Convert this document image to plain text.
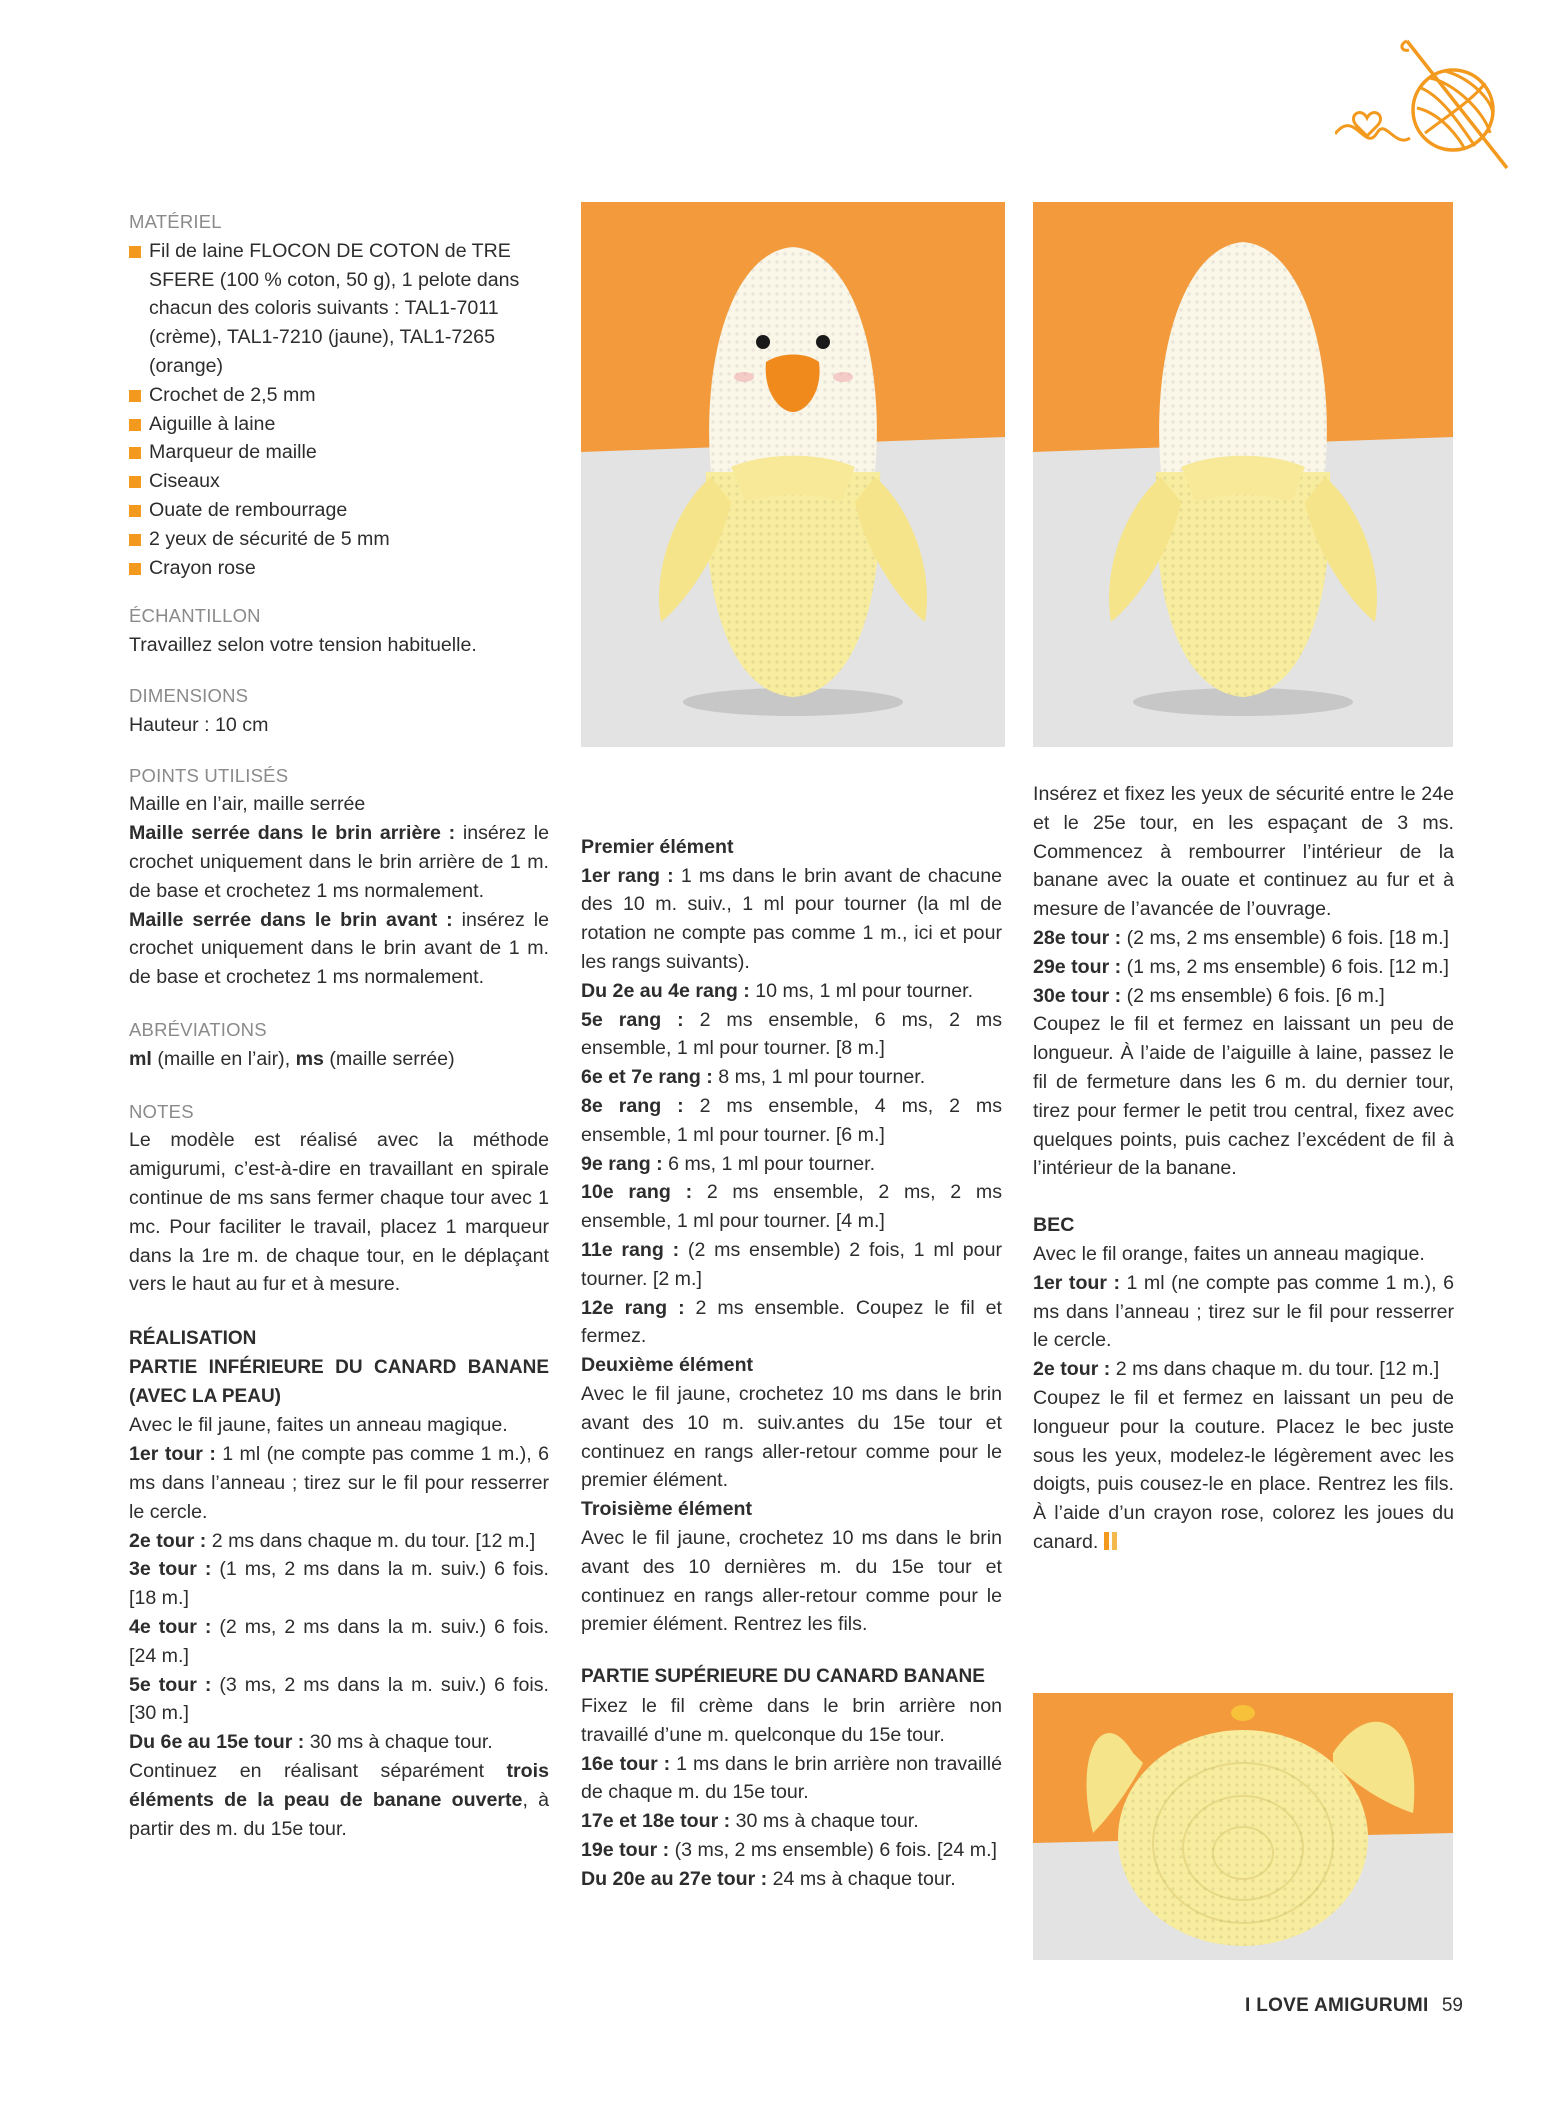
MATÉRIEL

Fil de laine FLOCON DE COTON de TRE SFERE (100 % coton, 50 g), 1 pelote dans chacun des coloris suivants : TAL1-7011 (crème), TAL1-7210 (jaune), TAL1-7265 (orange)
Crochet de 2,5 mm
Aiguille à laine
Marqueur de maille
Ciseaux
Ouate de rembourrage
2 yeux de sécurité de 5 mm
Crayon rose

ÉCHANTILLON

Travaillez selon votre tension habituelle.

DIMENSIONS

Hauteur : 10 cm

POINTS UTILISÉS

Maille en l’air, maille serrée

Maille serrée dans le brin arrière : insérez le crochet uniquement dans le brin arrière de 1 m. de base et crochetez 1 ms normalement.

Maille serrée dans le brin avant : insérez le crochet uniquement dans le brin avant de 1 m. de base et crochetez 1 ms normalement.

ABRÉVIATIONS

ml (maille en l’air), ms (maille serrée)

NOTES

Le modèle est réalisé avec la méthode amigurumi, c’est-à-dire en travaillant en spirale continue de ms sans fermer chaque tour avec 1 mc. Pour faciliter le travail, placez 1 marqueur dans la 1re m. de chaque tour, en le déplaçant vers le haut au fur et à mesure.

RÉALISATION

PARTIE INFÉRIEURE DU CANARD BANANE (AVEC LA PEAU)

Avec le fil jaune, faites un anneau magique.

1er tour : 1 ml (ne compte pas comme 1 m.), 6 ms dans l’anneau ; tirez sur le fil pour resserrer le cercle.

2e tour : 2 ms dans chaque m. du tour. [12 m.]

3e tour : (1 ms, 2 ms dans la m. suiv.) 6 fois. [18 m.]

4e tour : (2 ms, 2 ms dans la m. suiv.) 6 fois. [24 m.]

5e tour : (3 ms, 2 ms dans la m. suiv.) 6 fois. [30 m.]

Du 6e au 15e tour : 30 ms à chaque tour.

Continuez en réalisant séparément trois éléments de la peau de banane ouverte, à partir des m. du 15e tour.

Premier élément

1er rang : 1 ms dans le brin avant de chacune des 10 m. suiv., 1 ml pour tourner (la ml de rotation ne compte pas comme 1 m., ici et pour les rangs suivants).

Du 2e au 4e rang : 10 ms, 1 ml pour tourner.

5e rang : 2 ms ensemble, 6 ms, 2 ms ensemble, 1 ml pour tourner. [8 m.]

6e et 7e rang : 8 ms, 1 ml pour tourner.

8e rang : 2 ms ensemble, 4 ms, 2 ms ensemble, 1 ml pour tourner. [6 m.]

9e rang : 6 ms, 1 ml pour tourner.

10e rang : 2 ms ensemble, 2 ms, 2 ms ensemble, 1 ml pour tourner. [4 m.]

11e rang : (2 ms ensemble) 2 fois, 1 ml pour tourner. [2 m.]

12e rang : 2 ms ensemble. Coupez le fil et fermez.

Deuxième élément

Avec le fil jaune, crochetez 10 ms dans le brin avant des 10 m. suiv.antes du 15e tour et continuez en rangs aller-retour comme pour le premier élément.

Troisième élément

Avec le fil jaune, crochetez 10 ms dans le brin avant des 10 dernières m. du 15e tour et continuez en rangs aller-retour comme pour le premier élément. Rentrez les fils.

PARTIE SUPÉRIEURE DU CANARD BANANE

Fixez le fil crème dans le brin arrière non travaillé d’une m. quelconque du 15e tour.

16e tour : 1 ms dans le brin arrière non travaillé de chaque m. du 15e tour.

17e et 18e tour : 30 ms à chaque tour.

19e tour : (3 ms, 2 ms ensemble) 6 fois. [24 m.]

Du 20e au 27e tour : 24 ms à chaque tour.

Insérez et fixez les yeux de sécurité entre le 24e et le 25e tour, en les espaçant de 3 ms. Commencez à rembourrer l’intérieur de la banane avec la ouate et continuez au fur et à mesure de l’avancée de l’ouvrage.

28e tour : (2 ms, 2 ms ensemble) 6 fois. [18 m.]

29e tour : (1 ms, 2 ms ensemble) 6 fois. [12 m.]

30e tour : (2 ms ensemble) 6 fois. [6 m.]

Coupez le fil et fermez en laissant un peu de longueur. À l’aide de l’aiguille à laine, passez le fil de fermeture dans les 6 m. du dernier tour, tirez pour fermer le petit trou central, fixez avec quelques points, puis cachez l’excédent de fil à l’intérieur de la banane.

BEC

Avec le fil orange, faites un anneau magique.

1er tour : 1 ml (ne compte pas comme 1 m.), 6 ms dans l’anneau ; tirez sur le fil pour resserrer le cercle.

2e tour : 2 ms dans chaque m. du tour. [12 m.]

Coupez le fil et fermez en laissant un peu de longueur pour la couture. Placez le bec juste sous les yeux, modelez-le légèrement avec les doigts, puis cousez-le en place. Rentrez les fils. À l’aide d’un crayon rose, colorez les joues du canard.

I LOVE AMIGURUMI 59
